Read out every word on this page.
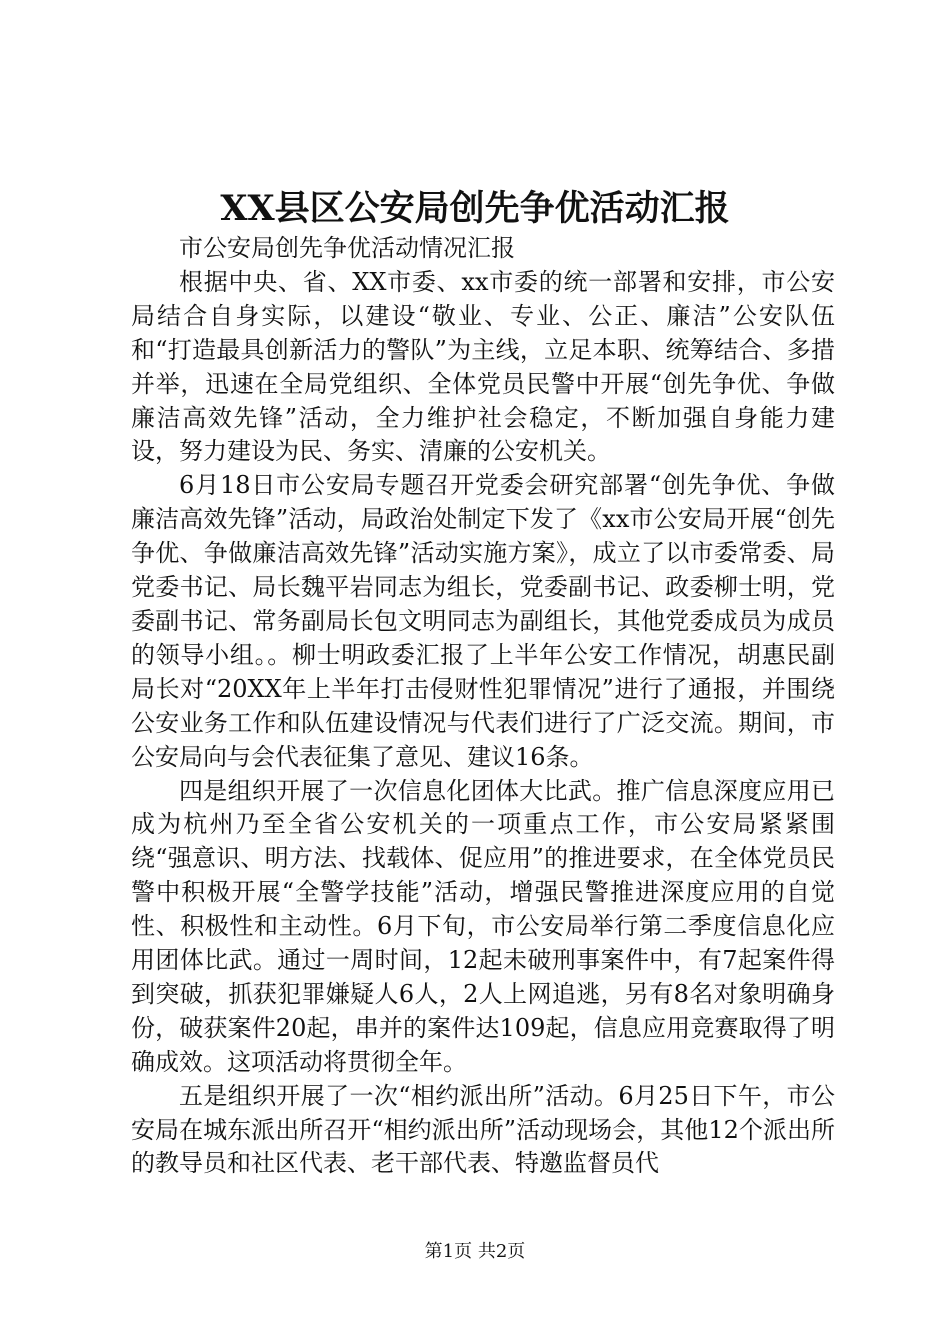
XX县区公安局创先争优活动汇报

市公安局创先争优活动情况汇报

根据中央、省、XX市委、xx市委的统一部署和安排，市公安局结合自身实际，以建设“敬业、专业、公正、廉洁”公安队伍和“打造最具创新活力的警队”为主线，立足本职、统筹结合、多措并举，迅速在全局党组织、全体党员民警中开展“创先争优、争做廉洁高效先锋”活动，全力维护社会稳定，不断加强自身能力建设，努力建设为民、务实、清廉的公安机关。

6月18日市公安局专题召开党委会研究部署“创先争优、争做廉洁高效先锋”活动，局政治处制定下发了《xx市公安局开展“创先争优、争做廉洁高效先锋”活动实施方案》，成立了以市委常委、局党委书记、局长魏平岩同志为组长，党委副书记、政委柳士明，党委副书记、常务副局长包文明同志为副组长，其他党委成员为成员的领导小组。。柳士明政委汇报了上半年公安工作情况，胡惠民副局长对“20XX年上半年打击侵财性犯罪情况”进行了通报，并围绕公安业务工作和队伍建设情况与代表们进行了广泛交流。期间，市公安局向与会代表征集了意见、建议16条。

四是组织开展了一次信息化团体大比武。推广信息深度应用已成为杭州乃至全省公安机关的一项重点工作，市公安局紧紧围绕“强意识、明方法、找载体、促应用”的推进要求，在全体党员民警中积极开展“全警学技能”活动，增强民警推进深度应用的自觉性、积极性和主动性。6月下旬，市公安局举行第二季度信息化应用团体比武。通过一周时间，12起未破刑事案件中，有7起案件得到突破，抓获犯罪嫌疑人6人，2人上网追逃，另有8名对象明确身份，破获案件20起，串并的案件达109起，信息应用竞赛取得了明确成效。这项活动将贯彻全年。

五是组织开展了一次“相约派出所”活动。6月25日下午，市公安局在城东派出所召开“相约派出所”活动现场会，其他12个派出所的教导员和社区代表、老干部代表、特邀监督员代

第1页 共2页
